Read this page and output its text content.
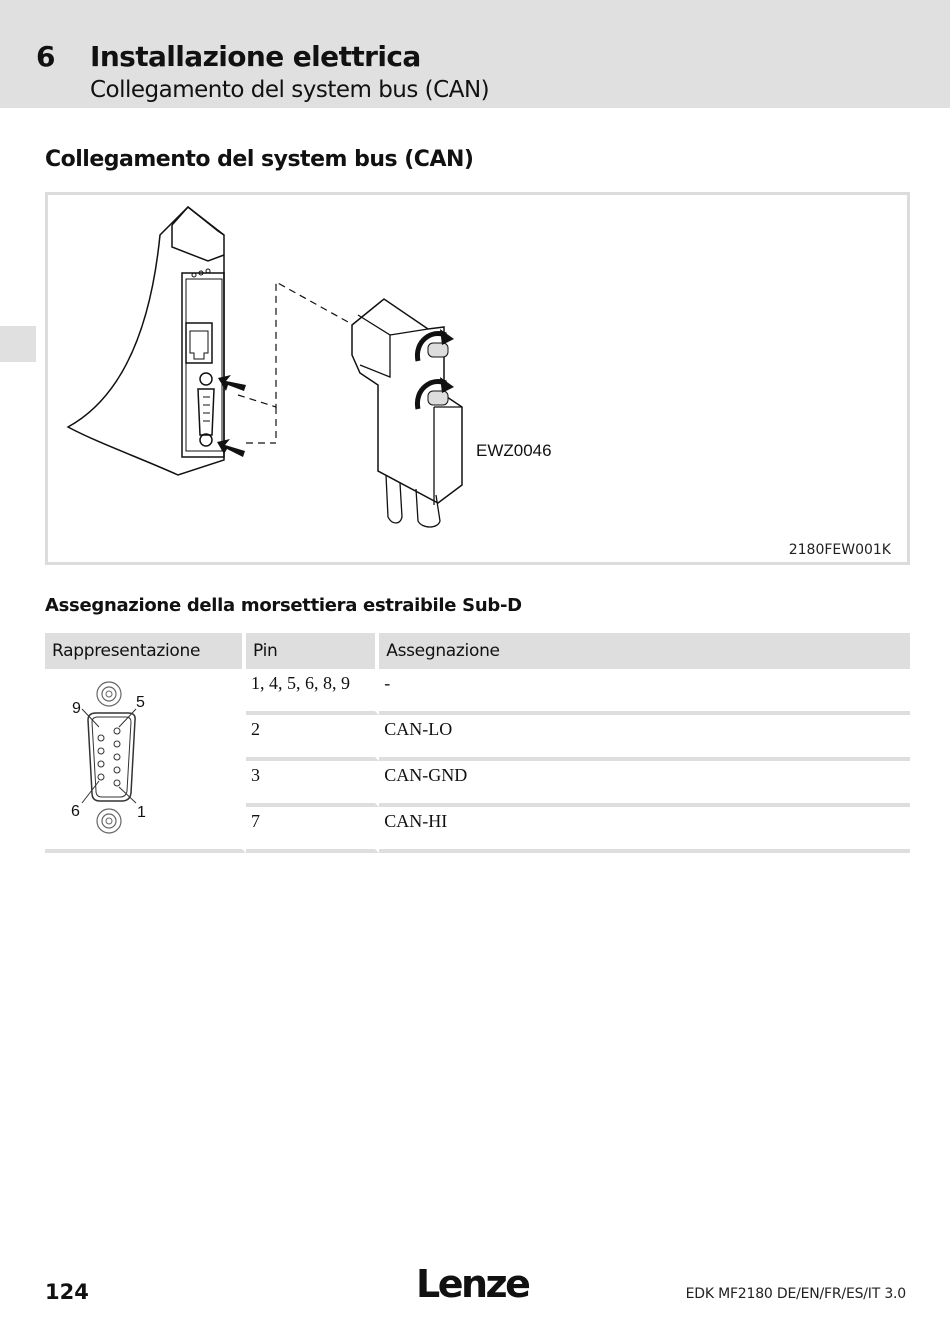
6 Installazione elettrica
Collegamento del system bus (CAN)
Collegamento del system bus (CAN)
EWZ0046
2180FEW001K
Assegnazione della morsettiera estraibile Sub-D
Rappresentazione	Pin	Assegnazione

9 5
6 1	1, 4, 5, 6, 8, 9	-
	2	CAN-LO
	3	CAN-GND
	7	CAN-HI
124	Lenze	EDK MF2180 DE/EN/FR/ES/IT 3.0
